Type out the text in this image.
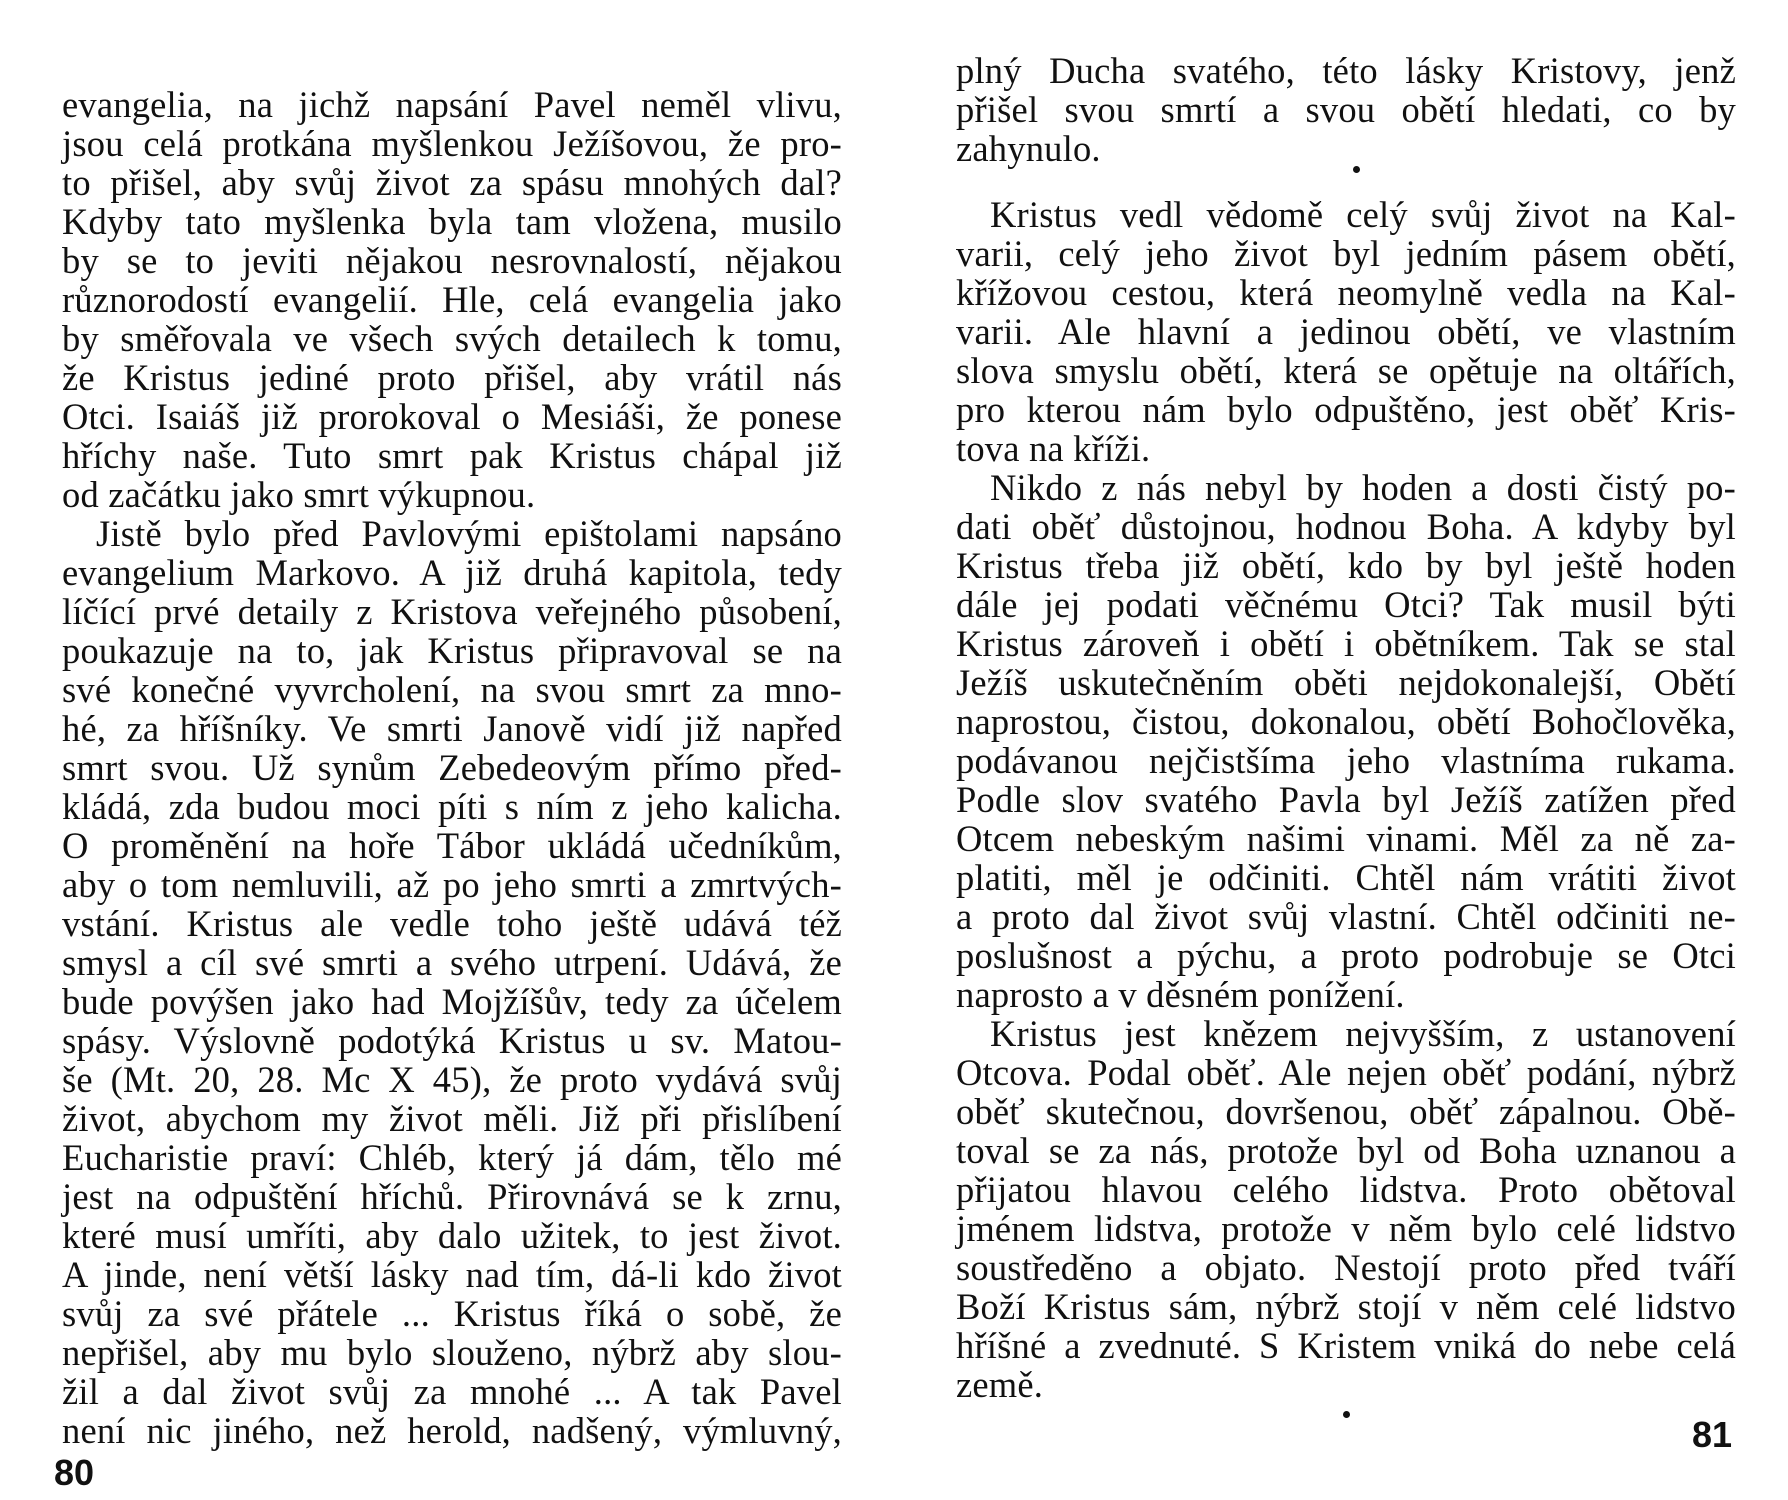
evangelia, na jichž napsání Pavel neměl vlivu,
jsou celá protkána myšlenkou Ježíšovou, že pro-
to přišel, aby svůj život za spásu mnohých dal?
Kdyby tato myšlenka byla tam vložena, musilo
by se to jeviti nějakou nesrovnalostí, nějakou
různorodostí evangelií. Hle, celá evangelia jako
by směřovala ve všech svých detailech k tomu,
že Kristus jediné proto přišel, aby vrátil nás
Otci. Isaiáš již prorokoval o Mesiáši, že ponese
hříchy naše. Tuto smrt pak Kristus chápal již
od začátku jako smrt výkupnou.
Jistě bylo před Pavlovými epištolami napsáno
evangelium Markovo. A již druhá kapitola, tedy
líčící prvé detaily z Kristova veřejného působení,
poukazuje na to, jak Kristus připravoval se na
své konečné vyvrcholení, na svou smrt za mno-
hé, za hříšníky. Ve smrti Janově vidí již napřed
smrt svou. Už synům Zebedeovým přímo před-
kládá, zda budou moci píti s ním z jeho kalicha.
O proměnění na hoře Tábor ukládá učedníkům,
aby o tom nemluvili, až po jeho smrti a zmrtvých-
vstání. Kristus ale vedle toho ještě udává též
smysl a cíl své smrti a svého utrpení. Udává, že
bude povýšen jako had Mojžíšův, tedy za účelem
spásy. Výslovně podotýká Kristus u sv. Matou-
še (Mt. 20, 28. Mc X 45), že proto vydává svůj
život, abychom my život měli. Již při přislíbení
Eucharistie praví: Chléb, který já dám, tělo mé
jest na odpuštění hříchů. Přirovnává se k zrnu,
které musí umříti, aby dalo užitek, to jest život.
A jinde, není větší lásky nad tím, dá-li kdo život
svůj za své přátele ... Kristus říká o sobě, že
nepřišel, aby mu bylo slouženo, nýbrž aby slou-
žil a dal život svůj za mnohé ... A tak Pavel
není nic jiného, než herold, nadšený, výmluvný,
80
plný Ducha svatého, této lásky Kristovy, jenž
přišel svou smrtí a svou obětí hledati, co by
zahynulo.
Kristus vedl vědomě celý svůj život na Kal-
varii, celý jeho život byl jedním pásem obětí,
křížovou cestou, která neomylně vedla na Kal-
varii. Ale hlavní a jedinou obětí, ve vlastním
slova smyslu obětí, která se opětuje na oltářích,
pro kterou nám bylo odpuštěno, jest oběť Kris-
tova na kříži.
Nikdo z nás nebyl by hoden a dosti čistý po-
dati oběť důstojnou, hodnou Boha. A kdyby byl
Kristus třeba již obětí, kdo by byl ještě hoden
dále jej podati věčnému Otci? Tak musil býti
Kristus zároveň i obětí i obětníkem. Tak se stal
Ježíš uskutečněním oběti nejdokonalejší, Obětí
naprostou, čistou, dokonalou, obětí Bohočlověka,
podávanou nejčistšíma jeho vlastníma rukama.
Podle slov svatého Pavla byl Ježíš zatížen před
Otcem nebeským našimi vinami. Měl za ně za-
platiti, měl je odčiniti. Chtěl nám vrátiti život
a proto dal život svůj vlastní. Chtěl odčiniti ne-
poslušnost a pýchu, a proto podrobuje se Otci
naprosto a v děsném ponížení.
Kristus jest knězem nejvyšším, z ustanovení
Otcova. Podal oběť. Ale nejen oběť podání, nýbrž
oběť skutečnou, dovršenou, oběť zápalnou. Obě-
toval se za nás, protože byl od Boha uznanou a
přijatou hlavou celého lidstva. Proto obětoval
jménem lidstva, protože v něm bylo celé lidstvo
soustředěno a objato. Nestojí proto před tváří
Boží Kristus sám, nýbrž stojí v něm celé lidstvo
hříšné a zvednuté. S Kristem vniká do nebe celá
země.
81
